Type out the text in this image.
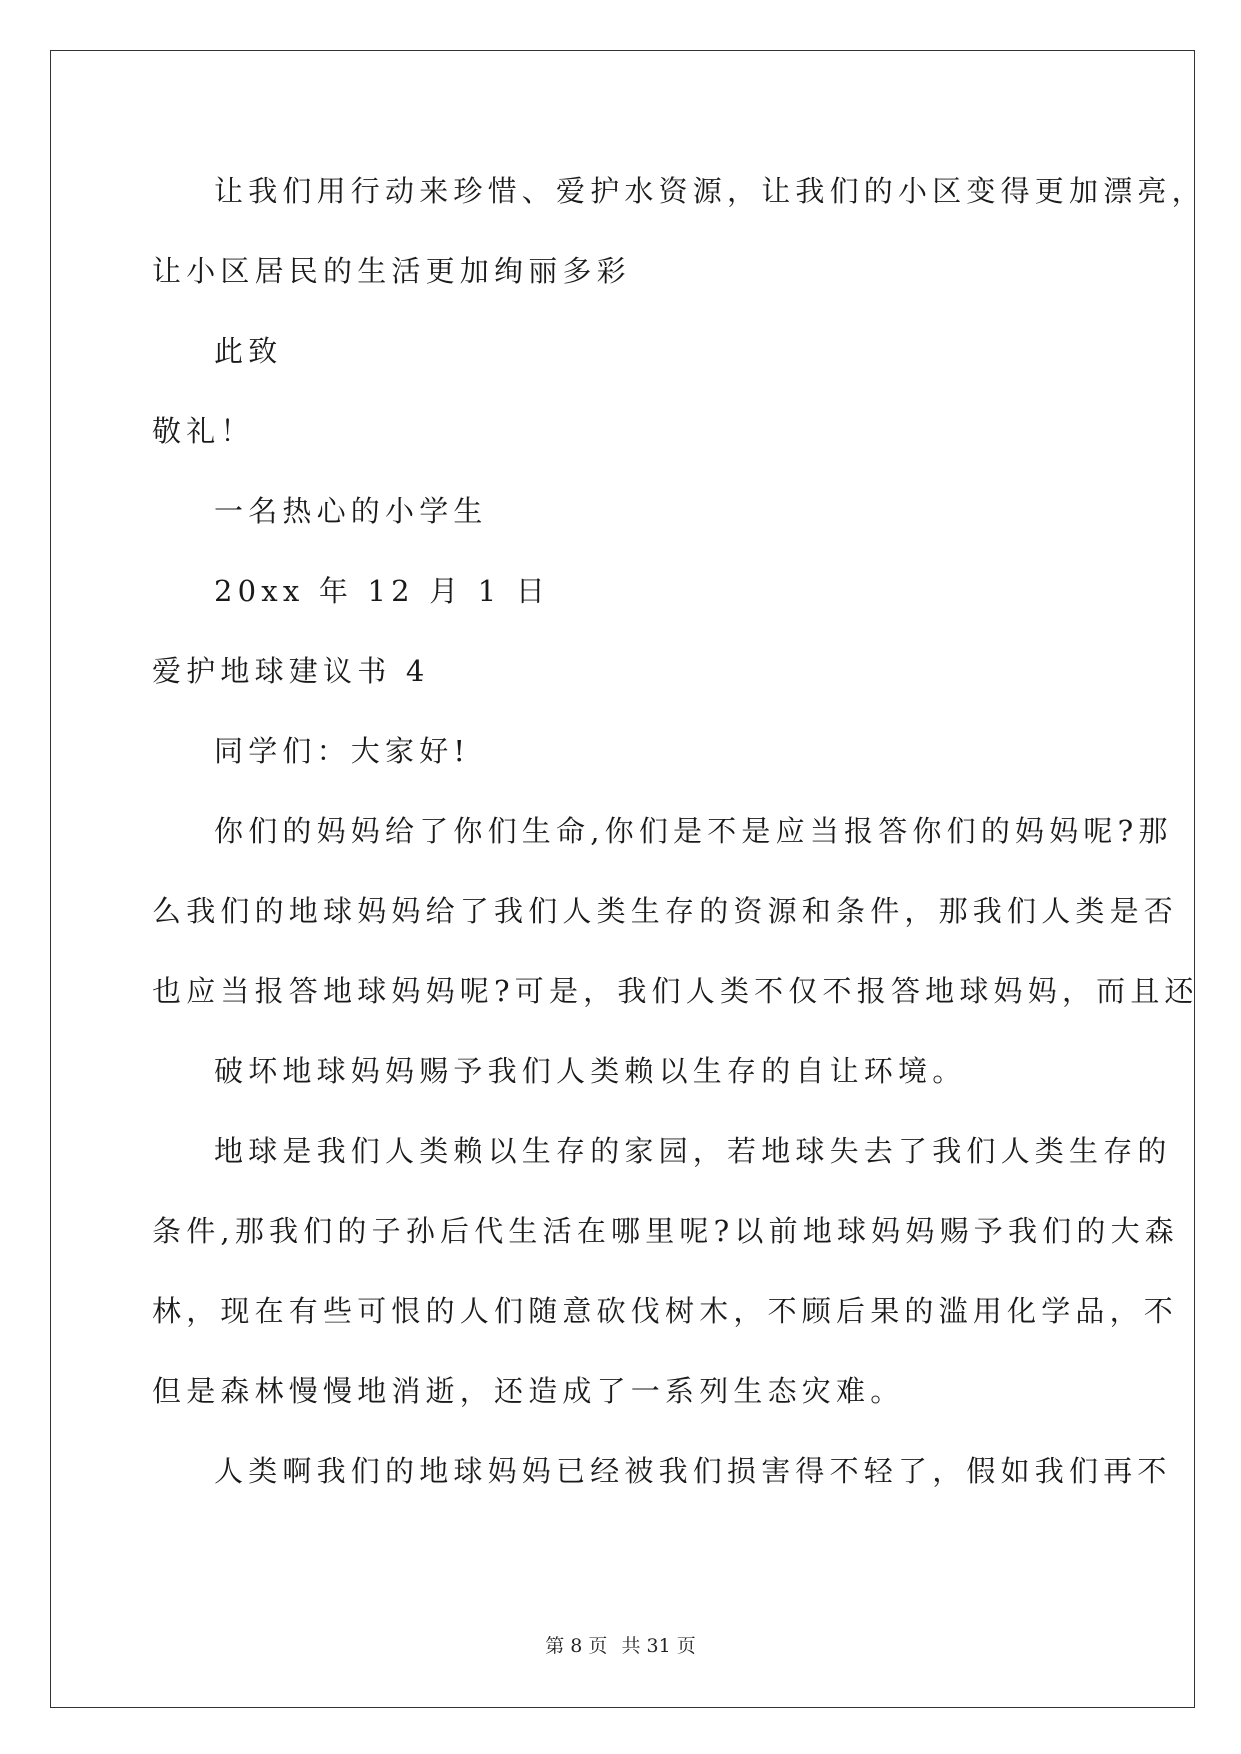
让我们用行动来珍惜、爱护水资源，让我们的小区变得更加漂亮，
让小区居民的生活更加绚丽多彩
此致
敬礼！
一名热心的小学生
20xx 年 12 月 1 日
爱护地球建议书 4
同学们：大家好!
你们的妈妈给了你们生命,你们是不是应当报答你们的妈妈呢?那
么我们的地球妈妈给了我们人类生存的资源和条件，那我们人类是否
也应当报答地球妈妈呢?可是，我们人类不仅不报答地球妈妈，而且还
破坏地球妈妈赐予我们人类赖以生存的自让环境。
地球是我们人类赖以生存的家园，若地球失去了我们人类生存的
条件,那我们的子孙后代生活在哪里呢?以前地球妈妈赐予我们的大森
林，现在有些可恨的人们随意砍伐树木，不顾后果的滥用化学品，不
但是森林慢慢地消逝，还造成了一系列生态灾难。
人类啊我们的地球妈妈已经被我们损害得不轻了，假如我们再不
第 8 页 共 31 页
